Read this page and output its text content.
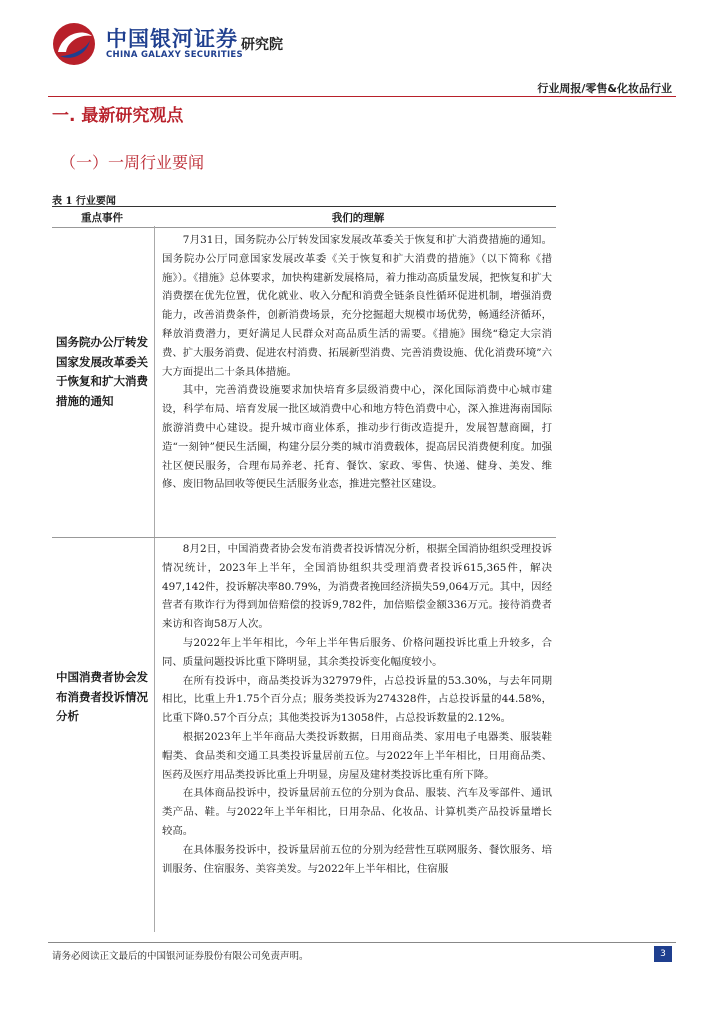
中国银河证券
CHINA GALAXY SECURITIES
研究院
行业周报/零售&化妆品行业
一. 最新研究观点
（一）一周行业要闻
表 1 行业要闻
重点事件	我们的理解
国务院办公厅转发国家发展改革委关于恢复和扩大消费措施的通知

7月31日，国务院办公厅转发国家发展改革委关于恢复和扩大消费措施的通知。国务院办公厅同意国家发展改革委《关于恢复和扩大消费的措施》（以下简称《措施》）。《措施》总体要求，加快构建新发展格局，着力推动高质量发展，把恢复和扩大消费摆在优先位置，优化就业、收入分配和消费全链条良性循环促进机制，增强消费能力，改善消费条件，创新消费场景，充分挖掘超大规模市场优势，畅通经济循环，释放消费潜力，更好满足人民群众对高品质生活的需要。《措施》围绕“稳定大宗消费、扩大服务消费、促进农村消费、拓展新型消费、完善消费设施、优化消费环境”六大方面提出二十条具体措施。

其中，完善消费设施要求加快培育多层级消费中心，深化国际消费中心城市建设，科学布局、培育发展一批区域消费中心和地方特色消费中心，深入推进海南国际旅游消费中心建设。提升城市商业体系，推动步行街改造提升，发展智慧商圈，打造“一刻钟”便民生活圈，构建分层分类的城市消费载体，提高居民消费便利度。加强社区便民服务，合理布局养老、托育、餐饮、家政、零售、快递、健身、美发、维修、废旧物品回收等便民生活服务业态，推进完整社区建设。

中国消费者协会发布消费者投诉情况分析

8月2日，中国消费者协会发布消费者投诉情况分析，根据全国消协组织受理投诉情况统计，2023年上半年，全国消协组织共受理消费者投诉615,365件，解决497,142件，投诉解决率80.79%，为消费者挽回经济损失59,064万元。其中，因经营者有欺诈行为得到加倍赔偿的投诉9,782件，加倍赔偿金额336万元。接待消费者来访和咨询58万人次。

与2022年上半年相比，今年上半年售后服务、价格问题投诉比重上升较多，合同、质量问题投诉比重下降明显，其余类投诉变化幅度较小。

在所有投诉中，商品类投诉为327979件，占总投诉量的53.30%，与去年同期相比，比重上升1.75个百分点；服务类投诉为274328件，占总投诉量的44.58%，比重下降0.57个百分点；其他类投诉为13058件，占总投诉数量的2.12%。

根据2023年上半年商品大类投诉数据，日用商品类、家用电子电器类、服装鞋帽类、食品类和交通工具类投诉量居前五位。与2022年上半年相比，日用商品类、医药及医疗用品类投诉比重上升明显，房屋及建材类投诉比重有所下降。

在具体商品投诉中，投诉量居前五位的分别为食品、服装、汽车及零部件、通讯类产品、鞋。与2022年上半年相比，日用杂品、化妆品、计算机类产品投诉量增长较高。

在具体服务投诉中，投诉量居前五位的分别为经营性互联网服务、餐饮服务、培训服务、住宿服务、美容美发。与2022年上半年相比，住宿服

请务必阅读正文最后的中国银河证券股份有限公司免责声明。	3
